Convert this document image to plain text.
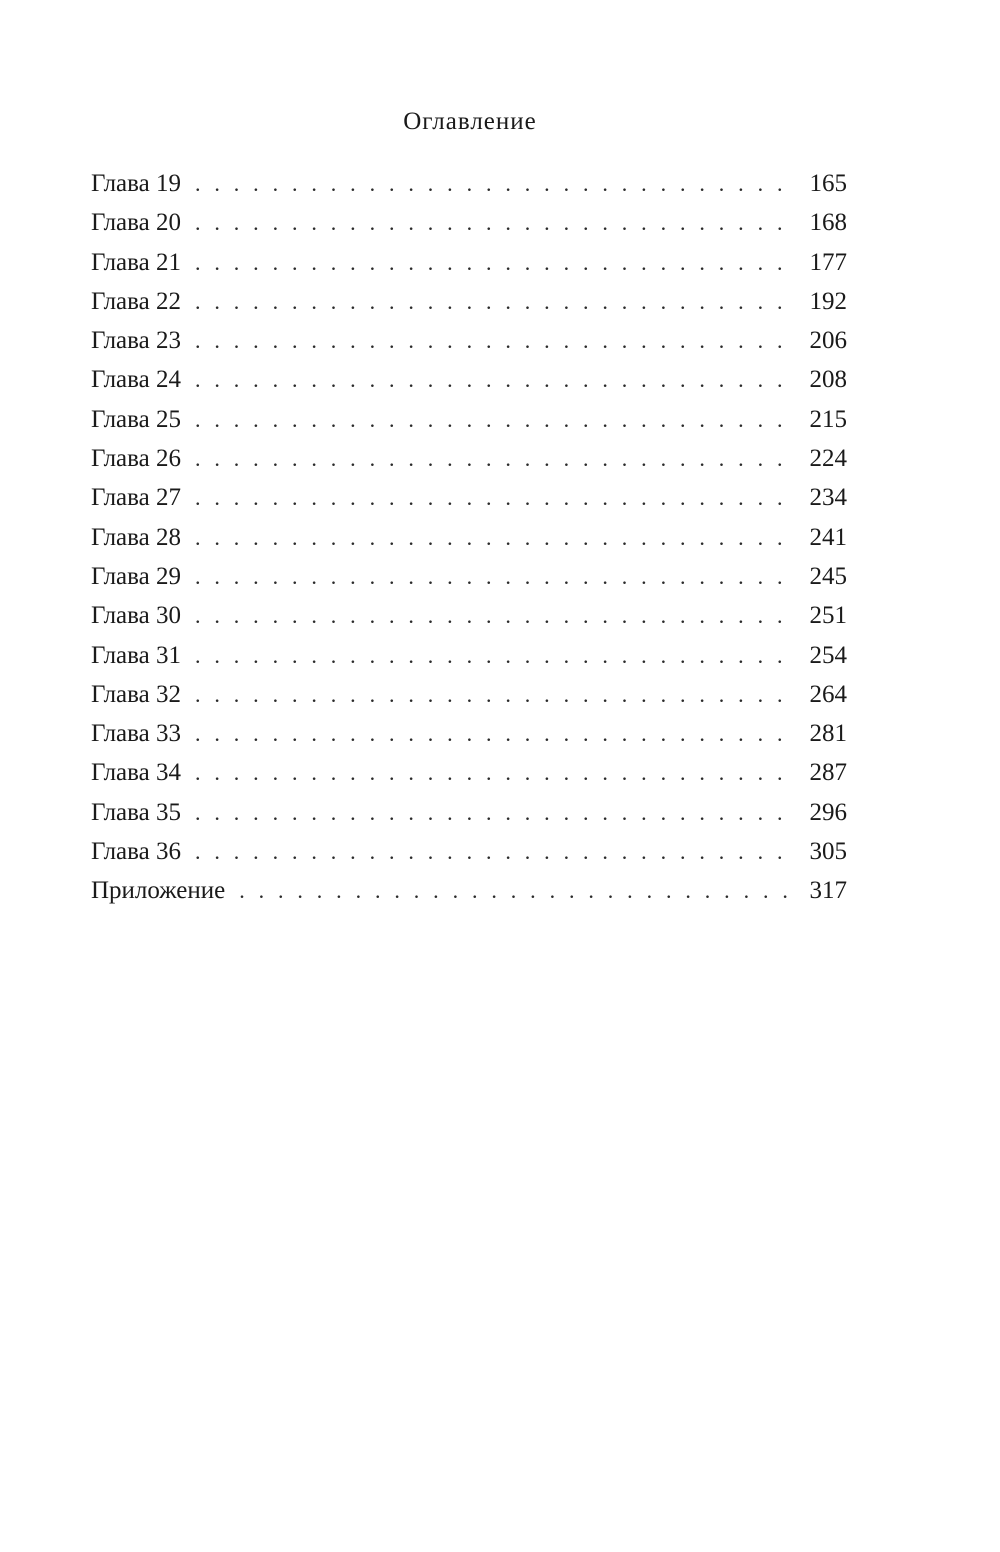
Оглавление
Глава 19 . . .	165
Глава 20 . . .	168
Глава 21 . . .	177
Глава 22 . . .	192
Глава 23 . . .	206
Глава 24 . . .	208
Глава 25 . . .	215
Глава 26 . . .	224
Глава 27 . . .	234
Глава 28 . . .	241
Глава 29 . . .	245
Глава 30 . . .	251
Глава 31 . . .	254
Глава 32 . . .	264
Глава 33 . . .	281
Глава 34 . . .	287
Глава 35 . . .	296
Глава 36 . . .	305
Приложение . . .	317
